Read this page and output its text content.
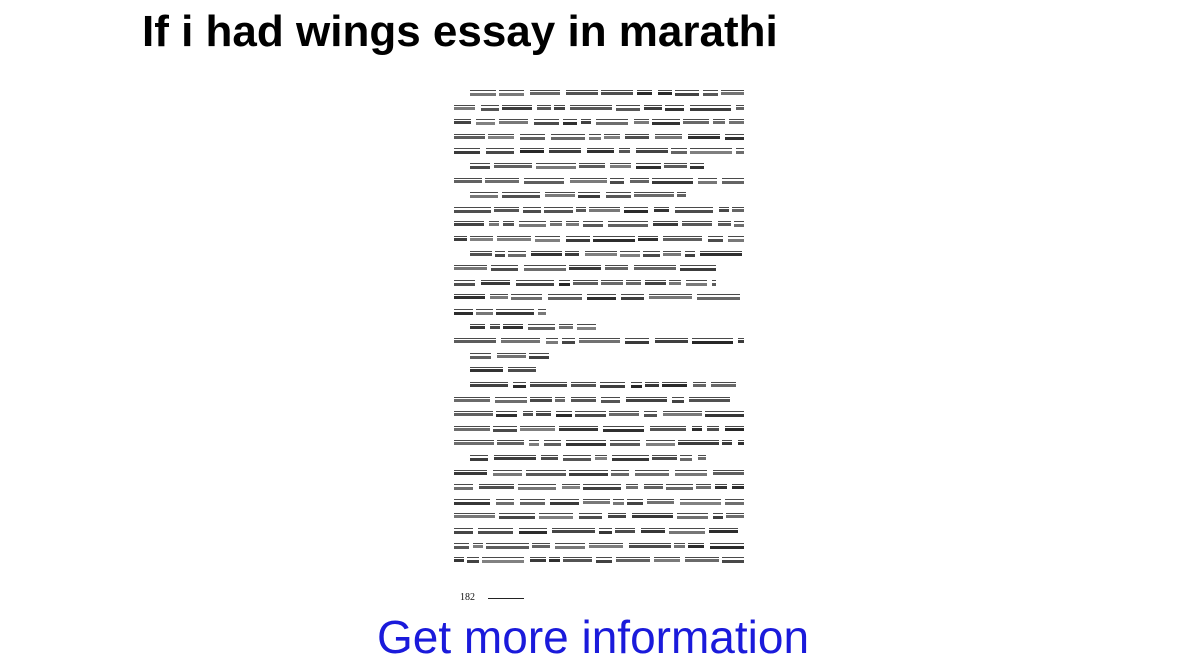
If i had wings essay in marathi
182
Get more information
